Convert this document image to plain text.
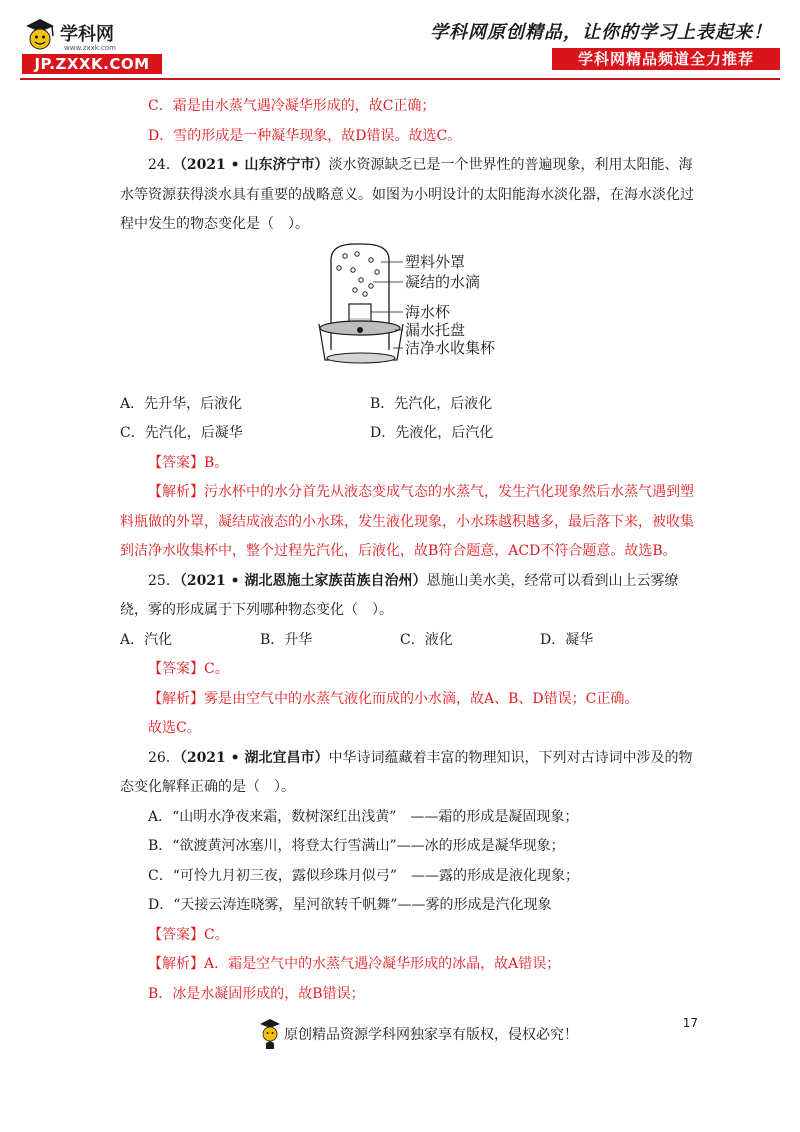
学科网
www.zxxk.com
JP.ZXXK.COM
学科网原创精品，让你的学习上表起来！
学科网精品频道全力推荐

C．霜是由水蒸气遇冷凝华形成的，故C正确；

D．雪的形成是一种凝华现象，故D错误。故选C。

24．（2021 • 山东济宁市）淡水资源缺乏已是一个世界性的普遍现象，利用太阳能、海水等资源获得淡水具有重要的战略意义。如图为小明设计的太阳能海水淡化器，在海水淡化过程中发生的物态变化是（　）。

塑料外罩
凝结的水滴
海水杯
漏水托盘
洁净水收集杯
A．先升华，后液化	B．先汽化，后液化
C．先汽化，后凝华	D．先液化，后汽化

【答案】B。

【解析】污水杯中的水分首先从液态变成气态的水蒸气，发生汽化现象然后水蒸气遇到塑料瓶做的外罩，凝结成液态的小水珠，发生液化现象，小水珠越积越多，最后落下来，被收集到洁净水收集杯中，整个过程先汽化，后液化，故B符合题意，ACD不符合题意。故选B。

25．（2021 • 湖北恩施土家族苗族自治州）恩施山美水美，经常可以看到山上云雾缭绕，雾的形成属于下列哪种物态变化（　）。

A．汽化	B．升华	C．液化	D．凝华

【答案】C。

【解析】雾是由空气中的水蒸气液化而成的小水滴，故A、B、D错误；C正确。

故选C。

26．（2021 • 湖北宜昌市）中华诗词蕴藏着丰富的物理知识，下列对古诗词中涉及的物态变化解释正确的是（　）。

A．“山明水净夜来霜，数树深红出浅黄”　——霜的形成是凝固现象；

B．“欲渡黄河冰塞川，将登太行雪满山”——冰的形成是凝华现象；

C．“可怜九月初三夜，露似珍珠月似弓”　——露的形成是液化现象；

D．“天接云涛连晓雾，星河欲转千帆舞”——雾的形成是汽化现象

【答案】C。

【解析】A．霜是空气中的水蒸气遇冷凝华形成的冰晶，故A错误；

B．冰是水凝固形成的，故B错误；

17
原创精品资源学科网独家享有版权，侵权必究！
